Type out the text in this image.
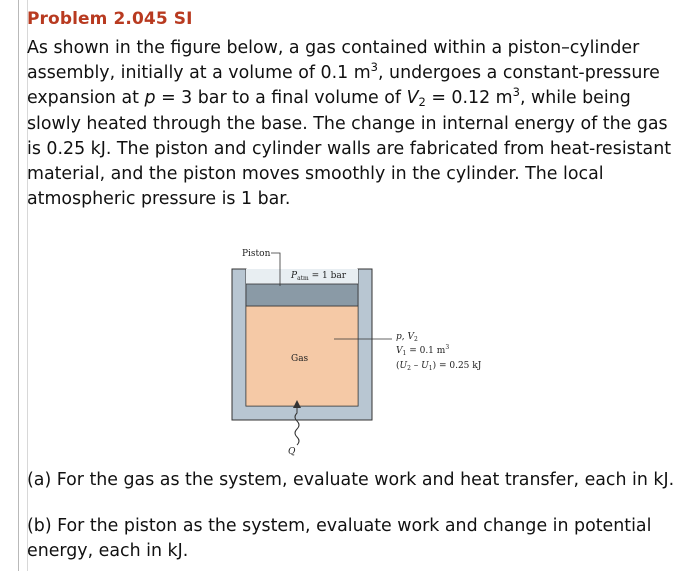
Problem 2.045 SI

As shown in the figure below, a gas contained within a piston–cylinder assembly, initially at a volume of 0.1 $m^3$, undergoes a constant-pressure expansion at p = 3 bar to a final volume of $V_2 = 0.12$ $m^3$, while being slowly heated through the base. The change in internal energy of the gas is 0.25 kJ. The piston and cylinder walls are fabricated from heat-resistant material, and the piston moves smoothly in the cylinder. The local atmospheric pressure is 1 bar.

Piston
$P_{atm} = 1$ bar
Gas
p, $V_2$
$V_1 = 0.1$ $m^3$
$(U_2 - U_1) = 0.25$ kJ
Q

(a) For the gas as the system, evaluate work and heat transfer, each in kJ.

(b) For the piston as the system, evaluate work and change in potential energy, each in kJ.
